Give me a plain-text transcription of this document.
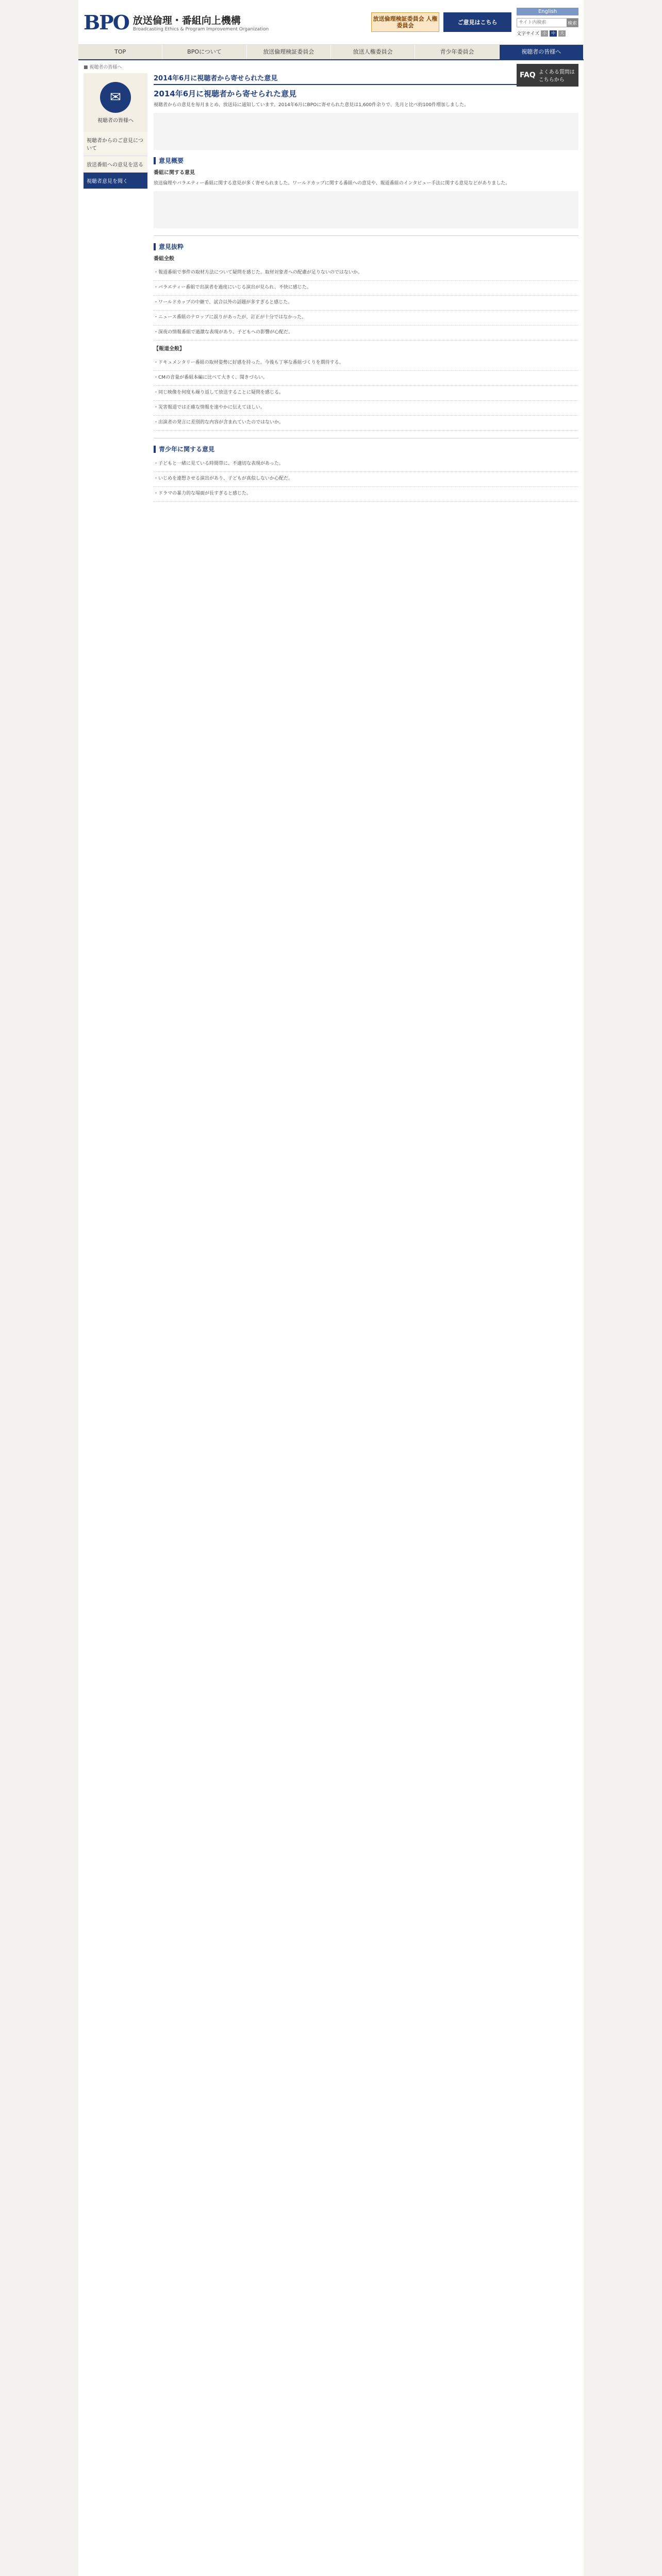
BPO 放送倫理・番組向上機構
Broadcasting Ethics & Program Improvement Organization
放送倫理検証委員会 人権委員会	ご意見はこちら
English
サイト内検索
検索
文字サイズ 小	中	大
TOP	BPOについて	放送倫理検証委員会	放送人権委員会	青少年委員会	視聴者の皆様へ
■ 視聴者の皆様へ
FAQ よくある質問はこちらから
✉
視聴者の皆様へ
視聴者からのご意見について
放送番組への意見を送る
視聴者意見を聞く
2014年6月に視聴者から寄せられた意見
2014年6月に視聴者から寄せられた意見

視聴者からの意見を毎月まとめ、放送局に通知しています。2014年6月にBPOに寄せられた意見は1,600件余りで、先月と比べ約100件増加しました。

意見概要
番組に関する意見

放送倫理やバラエティー番組に関する意見が多く寄せられました。ワールドカップに関する番組への意見や、報道番組のインタビュー手法に関する意見などがありました。

意見抜粋
番組全般
・ 報道番組で事件の取材方法について疑問を感じた。取材対象者への配慮が足りないのではないか。
・ バラエティー番組で出演者を過度にいじる演出が見られ、不快に感じた。
・ ワールドカップの中継で、試合以外の話題が多すぎると感じた。
・ ニュース番組のテロップに誤りがあったが、訂正が十分ではなかった。
・ 深夜の情報番組で過激な表現があり、子どもへの影響が心配だ。
【報道全般】
・ ドキュメンタリー番組の取材姿勢に好感を持った。今後も丁寧な番組づくりを期待する。
・ CMの音量が番組本編に比べて大きく、聞きづらい。
・ 同じ映像を何度も繰り返して放送することに疑問を感じる。
・ 災害報道では正確な情報を速やかに伝えてほしい。
・ 出演者の発言に差別的な内容が含まれていたのではないか。
青少年に関する意見
・ 子どもと一緒に見ている時間帯に、不適切な表現があった。
・ いじめを連想させる演出があり、子どもが真似しないか心配だ。
・ ドラマの暴力的な場面が長すぎると感じた。
